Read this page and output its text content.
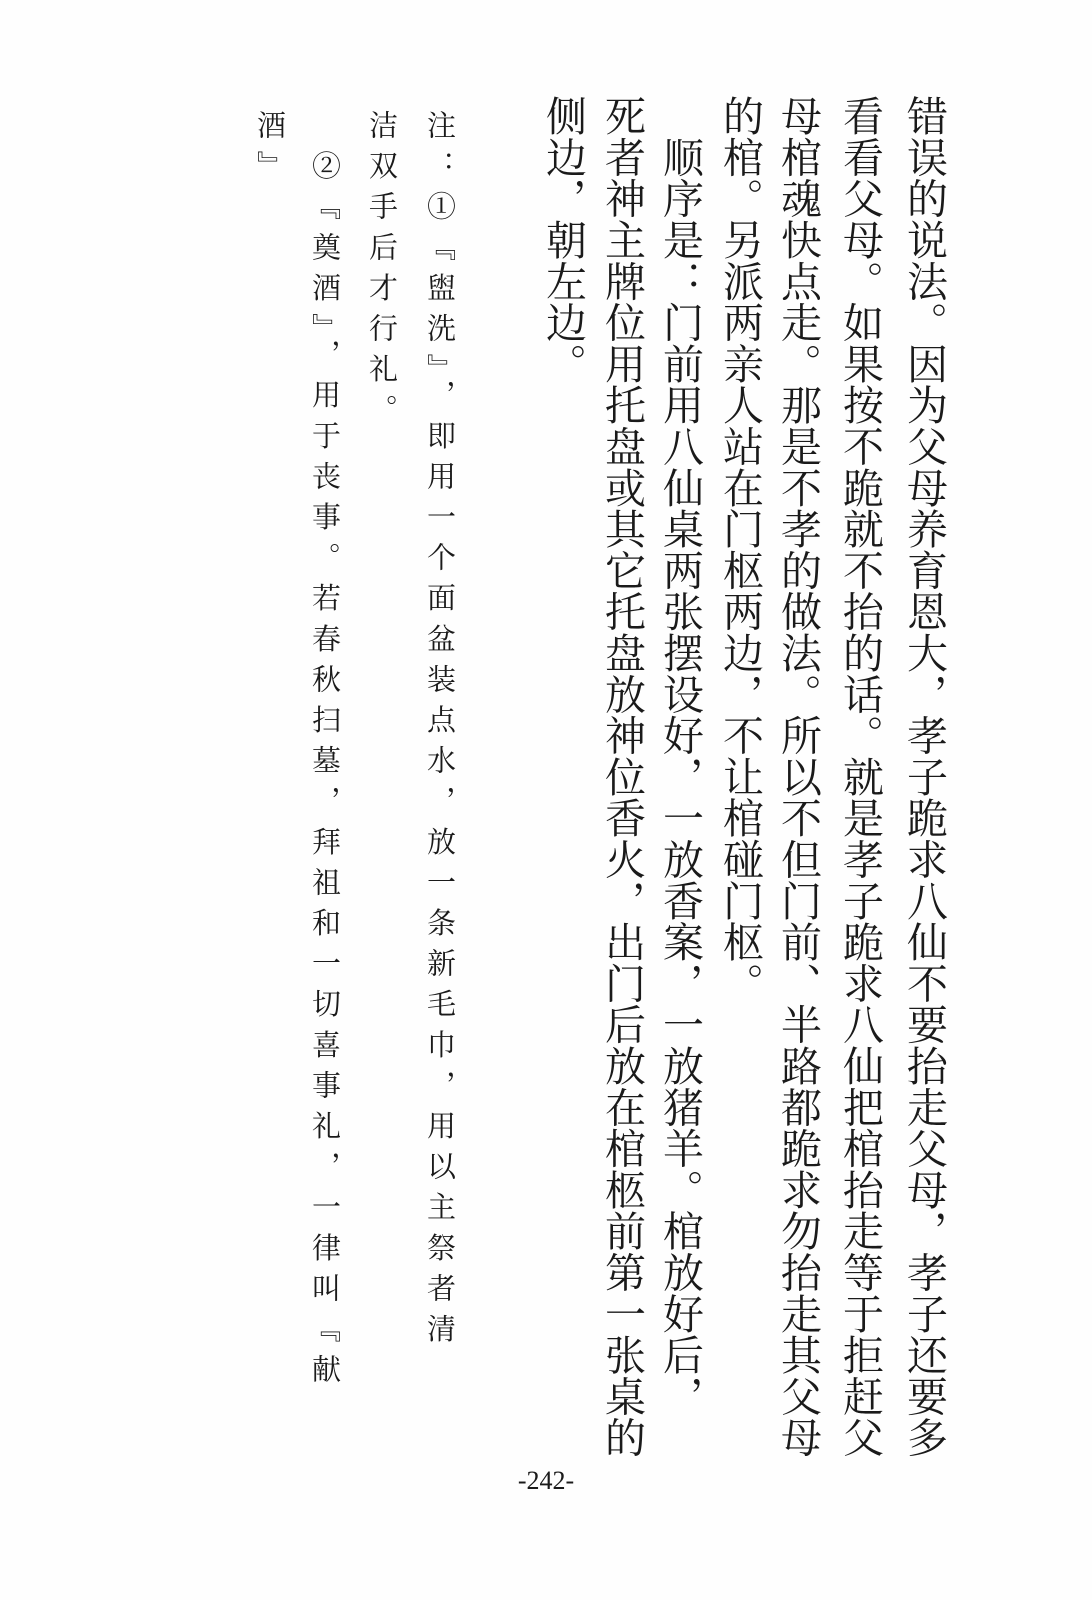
错误的说法。因为父母养育恩大，孝子跪求八仙不要抬走父母，孝子还要多
看看父母。如果按不跪就不抬的话。就是孝子跪求八仙把棺抬走等于拒赶父
母棺魂快点走。那是不孝的做法。所以不但门前、半路都跪求勿抬走其父母
的棺。另派两亲人站在门枢两边，不让棺碰门枢。
　顺序是：门前用八仙桌两张摆设好，一放香案，一放猪羊。棺放好后，
死者神主牌位用托盘或其它托盘放神位香火，出门后放在棺柩前第一张桌的
侧边，朝左边。
注：①『盥洗』，即用一个面盆装点水，放一条新毛巾，用以主祭者清
洁双手后才行礼。
　②『奠酒』，用于丧事。若春秋扫墓，拜祖和一切喜事礼，一律叫『献
酒』
-242-
